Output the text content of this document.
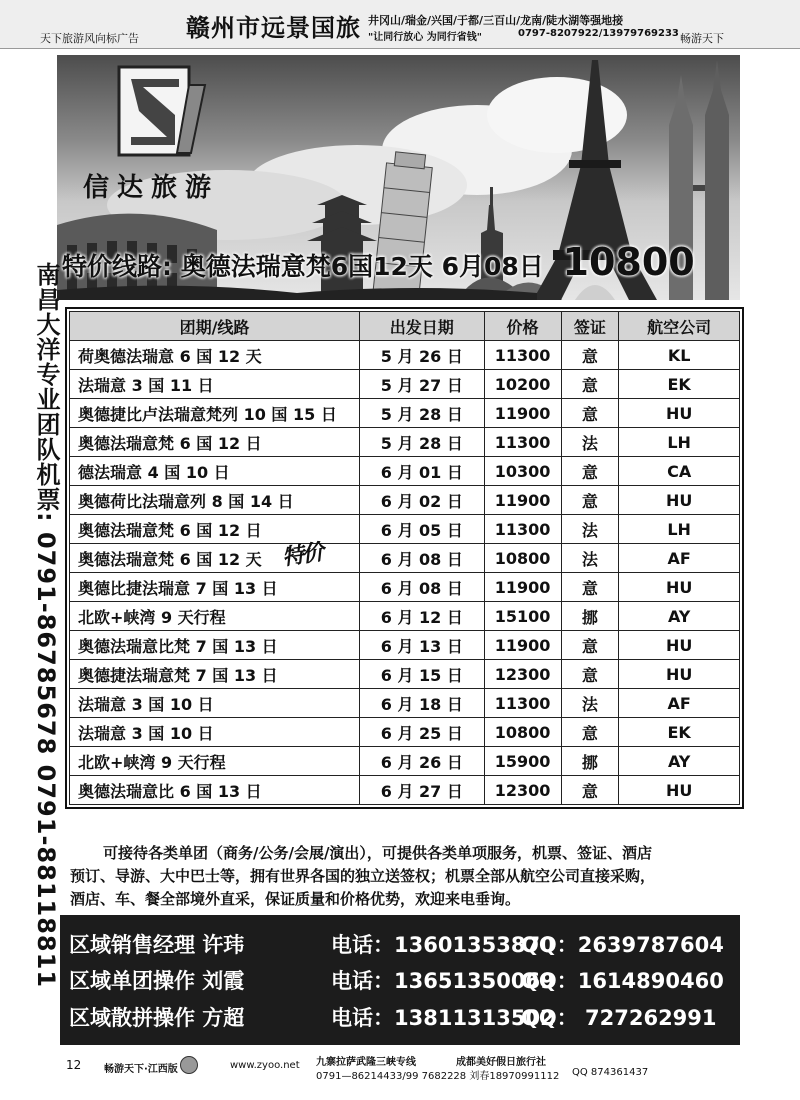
天下旅游风向标广告 赣州市远景国旅 井冈山/瑞金/兴国/于都/三百山/龙南/陡水湖等强地接
"让同行放心 为同行省钱"	0797-8207922/13979769233 畅游天下
信达旅游
特价线路: 奥德法瑞意梵6国12天 6月08日 10800
南昌大洋专业团队机票: 0791-86785678 0791-88118811	团期/线路	出发日期	价格	签证	航空公司
荷奥德法瑞意 6 国 12 天	5 月 26 日	11300	意	KL
法瑞意 3 国 11 日	5 月 27 日	10200	意	EK
奥德捷比卢法瑞意梵列 10 国 15 日	5 月 28 日	11900	意	HU
奥德法瑞意梵 6 国 12 日	5 月 28 日	11300	法	LH
德法瑞意 4 国 10 日	6 月 01 日	10300	意	CA
奥德荷比法瑞意列 8 国 14 日	6 月 02 日	11900	意	HU
奥德法瑞意梵 6 国 12 日	6 月 05 日	11300	法	LH
奥德法瑞意梵 6 国 12 天 特价	6 月 08 日	10800	法	AF
奥德比捷法瑞意 7 国 13 日	6 月 08 日	11900	意	HU
北欧+峡湾 9 天行程	6 月 12 日	15100	挪	AY
奥德法瑞意比梵 7 国 13 日	6 月 13 日	11900	意	HU
奥德捷法瑞意梵 7 国 13 日	6 月 15 日	12300	意	HU
法瑞意 3 国 10 日	6 月 18 日	11300	法	AF
法瑞意 3 国 10 日	6 月 25 日	10800	意	EK
北欧+峡湾 9 天行程	6 月 26 日	15900	挪	AY
奥德法瑞意比 6 国 13 日	6 月 27 日	12300	意	HU

可接待各类单团（商务/公务/会展/演出），可提供各类单项服务，机票、签证、酒店

预订、导游、大中巴士等，拥有世界各国的独立送签权；机票全部从航空公司直接采购，

酒店、车、餐全部境外直采，保证质量和价格优势，欢迎来电垂询。

区域销售经理 许玮	电话：13601353870
QQ：2639787604
区域单团操作 刘霞	电话：13651350069
QQ：1614890460
区域散拼操作 方超	电话：13811313502
QQ： 727262991
12 畅游天下·江西版	www.zyoo.net 九寨拉萨武隆三峡专线	成都美好假日旅行社
0791—86214433/99 7682228 刘春18970991112 QQ 874361437
